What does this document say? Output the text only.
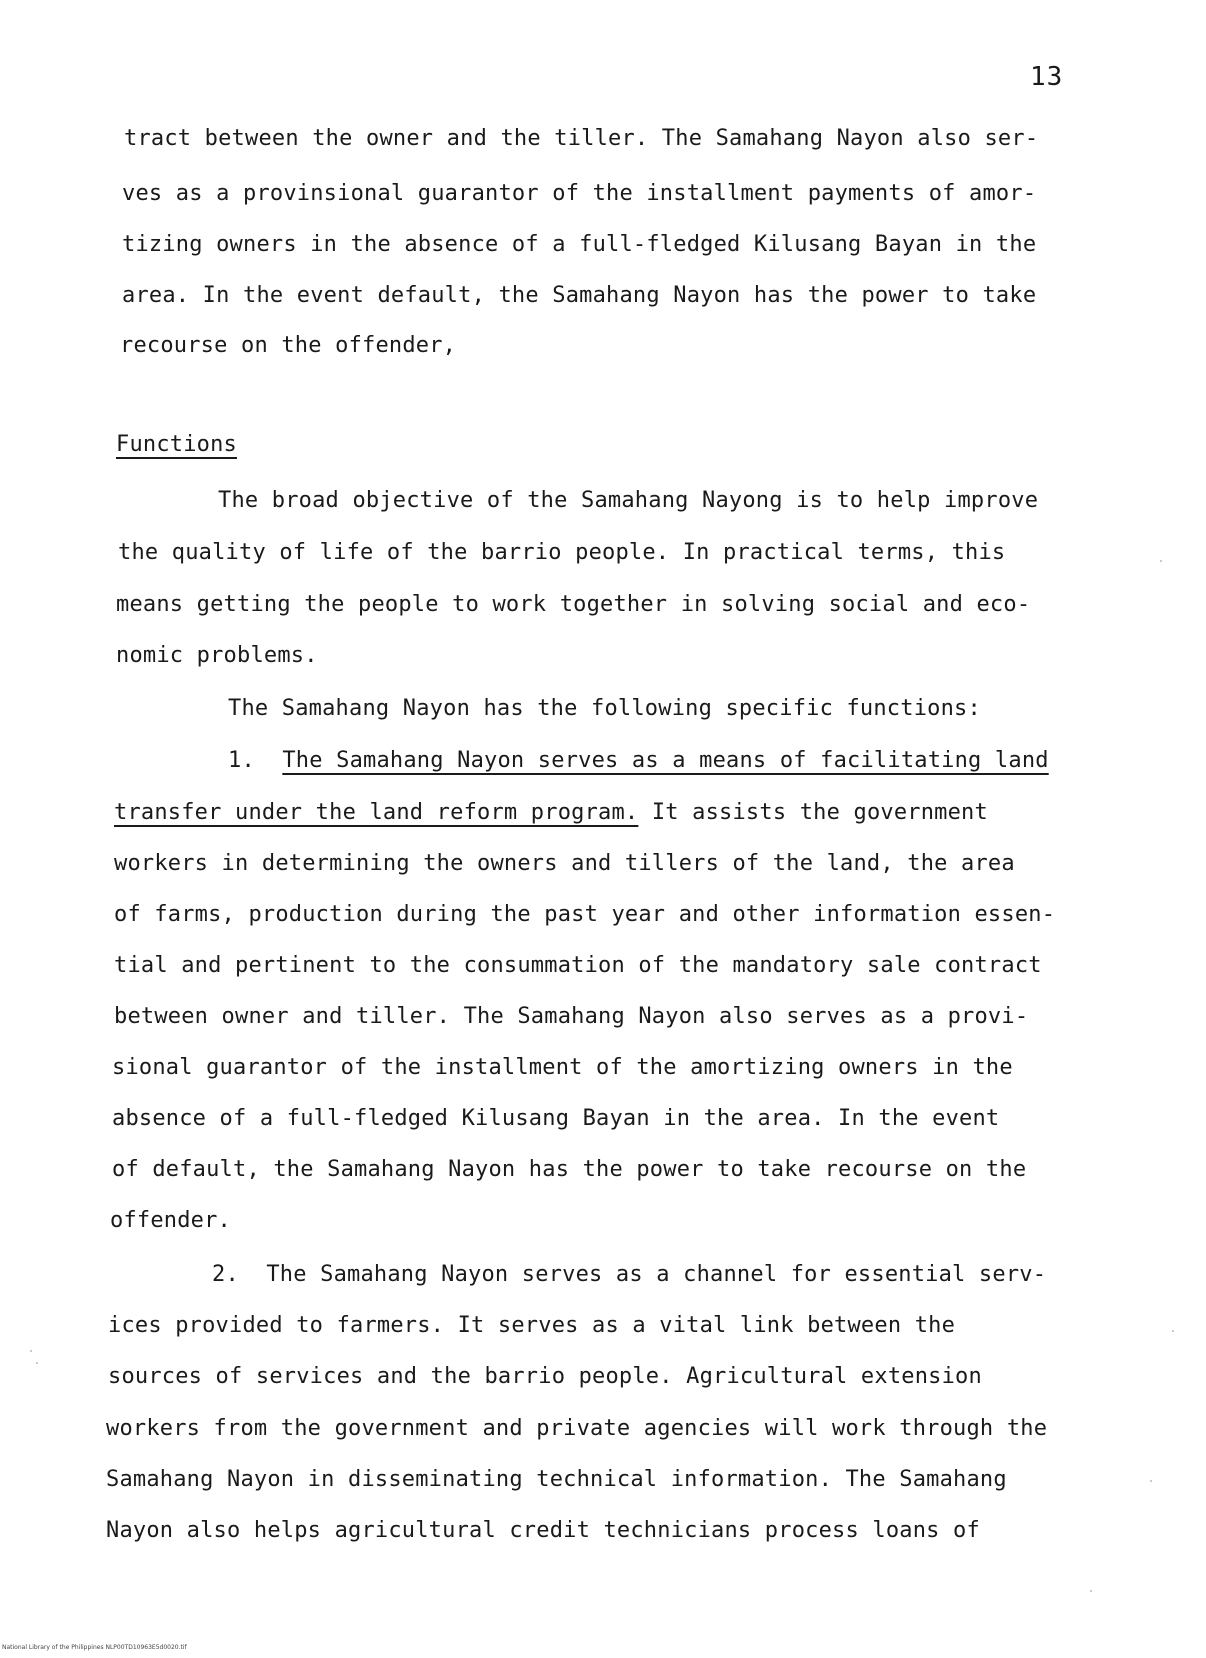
13
tract between the owner and the tiller. The Samahang Nayon also ser-
ves as a provinsional guarantor of the installment payments of amor-
tizing owners in the absence of a full-fledged Kilusang Bayan in the
area. In the event default, the Samahang Nayon has the power to take
recourse on the offender,
Functions
The broad objective of the Samahang Nayong is to help improve
the quality of life of the barrio people. In practical terms, this
means getting the people to work together in solving social and eco-
nomic problems.
The Samahang Nayon has the following specific functions:
1. The Samahang Nayon serves as a means of facilitating land
transfer under the land reform program. It assists the government
workers in determining the owners and tillers of the land, the area
of farms, production during the past year and other information essen-
tial and pertinent to the consummation of the mandatory sale contract
between owner and tiller. The Samahang Nayon also serves as a provi-
sional guarantor of the installment of the amortizing owners in the
absence of a full-fledged Kilusang Bayan in the area. In the event
of default, the Samahang Nayon has the power to take recourse on the
offender.
2. The Samahang Nayon serves as a channel for essential serv-
ices provided to farmers. It serves as a vital link between the
sources of services and the barrio people. Agricultural extension
workers from the government and private agencies will work through the
Samahang Nayon in disseminating technical information. The Samahang
Nayon also helps agricultural credit technicians process loans of
National Library of the Philippines NLP00TD10963E5d0020.tif
